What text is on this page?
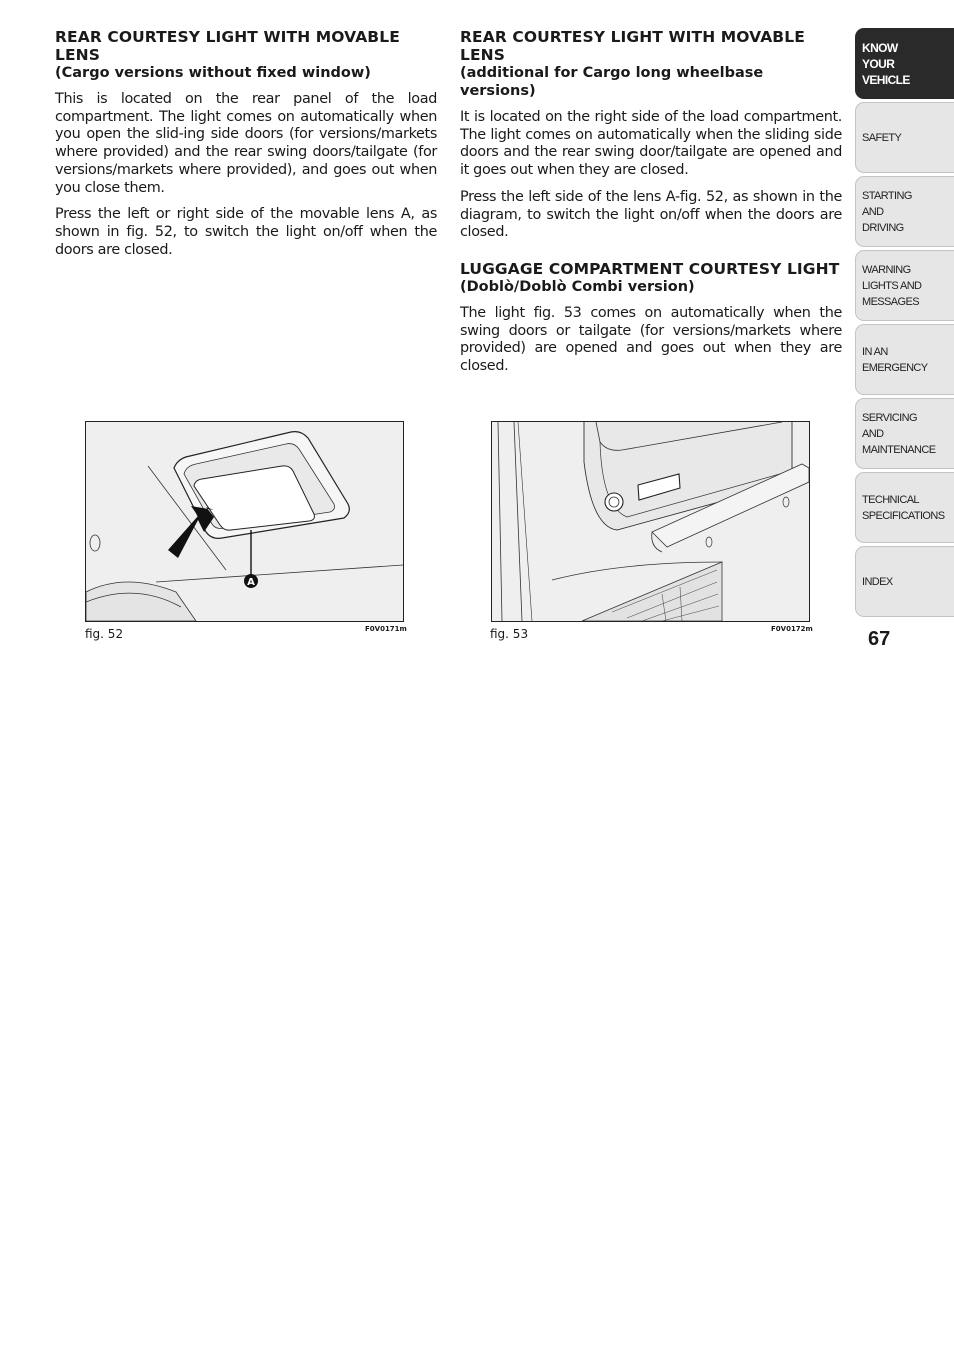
REAR COURTESY LIGHT WITH MOVABLE LENS
(Cargo versions without fixed window)

This is located on the rear panel of the load compartment. The light comes on automatically when you open the slid-ing side doors (for versions/markets where provided) and the rear swing doors/tailgate (for versions/markets where provided), and goes out when you close them.

Press the left or right side of the movable lens A, as shown in fig. 52, to switch the light on/off when the doors are closed.

REAR COURTESY LIGHT WITH MOVABLE LENS
(additional for Cargo long wheelbase versions)

It is located on the right side of the load compartment. The light comes on automatically when the sliding side doors and the rear swing door/tailgate are opened and it goes out when they are closed.

Press the left side of the lens A-fig. 52, as shown in the diagram, to switch the light on/off when the doors are closed.

LUGGAGE COMPARTMENT COURTESY LIGHT
(Doblò/Doblò Combi version)

The light fig. 53 comes on automatically when the swing doors or tailgate (for versions/markets where provided) are opened and goes out when they are closed.

A
fig. 52	F0V0171m	fig. 53	F0V0172m
KNOW
YOUR
VEHICLE
SAFETY
STARTING
AND
DRIVING
WARNING
LIGHTS AND
MESSAGES
IN AN
EMERGENCY
SERVICING
AND
MAINTENANCE
TECHNICAL
SPECIFICATIONS
INDEX
67
